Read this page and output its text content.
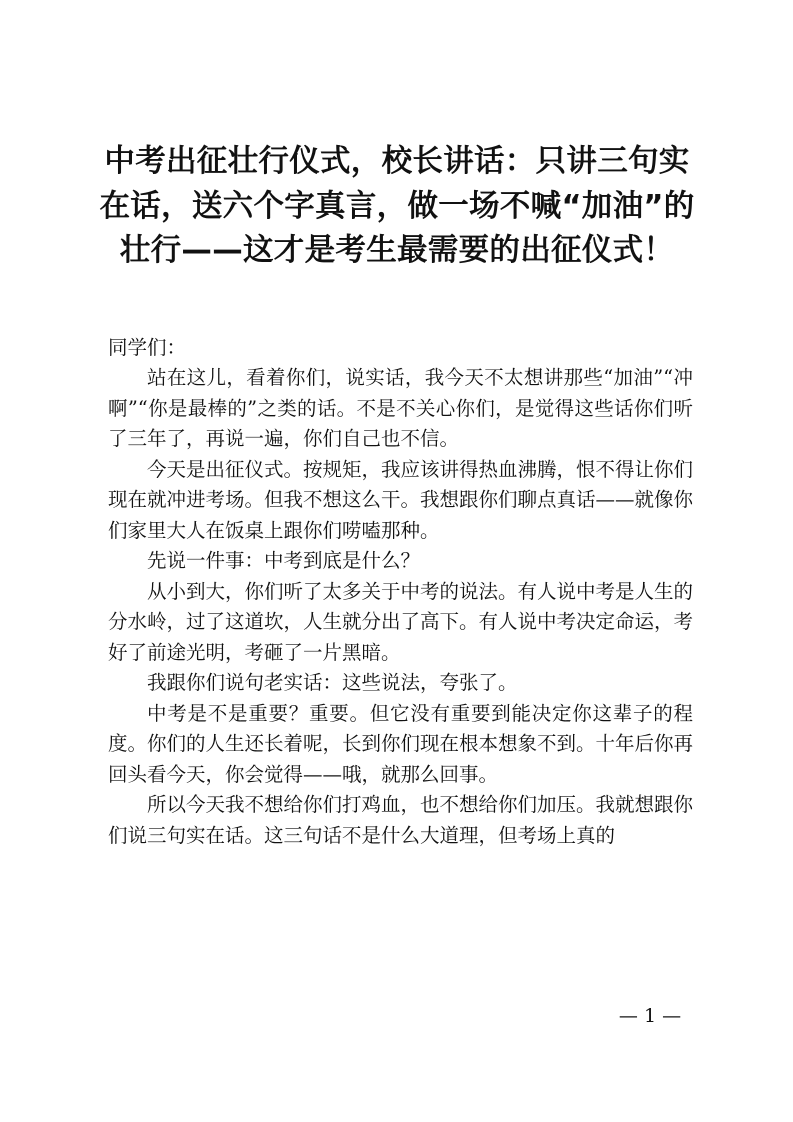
中考出征壮行仪式，校长讲话：只讲三句实在话，送六个字真言，做一场不喊“加油”的壮行——这才是考生最需要的出征仪式！

同学们：

站在这儿，看着你们，说实话，我今天不太想讲那些“加油”“冲啊”“你是最棒的”之类的话。不是不关心你们，是觉得这些话你们听了三年了，再说一遍，你们自己也不信。

今天是出征仪式。按规矩，我应该讲得热血沸腾，恨不得让你们现在就冲进考场。但我不想这么干。我想跟你们聊点真话——就像你们家里大人在饭桌上跟你们唠嗑那种。

先说一件事：中考到底是什么？

从小到大，你们听了太多关于中考的说法。有人说中考是人生的分水岭，过了这道坎，人生就分出了高下。有人说中考决定命运，考好了前途光明，考砸了一片黑暗。

我跟你们说句老实话：这些说法，夸张了。

中考是不是重要？重要。但它没有重要到能决定你这辈子的程度。你们的人生还长着呢，长到你们现在根本想象不到。十年后你再回头看今天，你会觉得——哦，就那么回事。

所以今天我不想给你们打鸡血，也不想给你们加压。我就想跟你们说三句实在话。这三句话不是什么大道理，但考场上真的

— 1 —
